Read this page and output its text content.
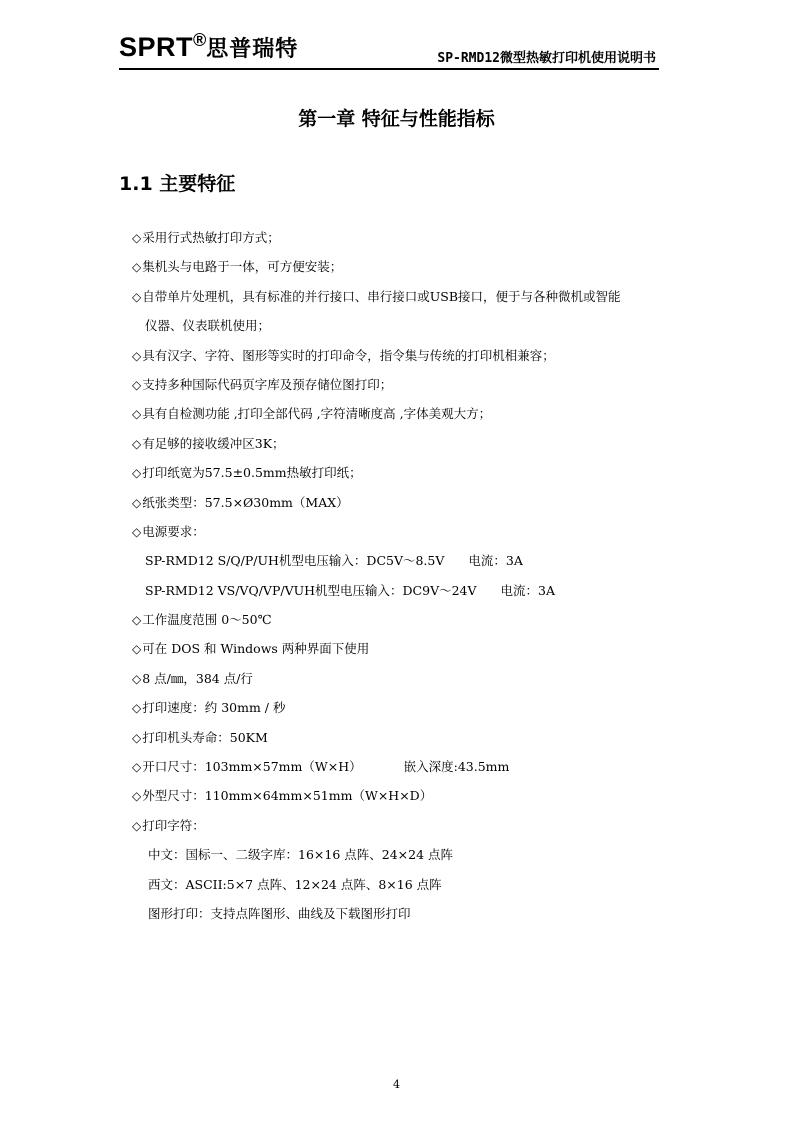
SPRT®思普瑞特	SP-RMD12微型热敏打印机使用说明书
第一章 特征与性能指标
1.1 主要特征
◇采用行式热敏打印方式；
◇集机头与电路于一体，可方便安装；
◇自带单片处理机，具有标准的并行接口、串行接口或USB接口，便于与各种微机或智能
仪器、仪表联机使用；
◇具有汉字、字符、图形等实时的打印命令，指令集与传统的打印机相兼容；
◇支持多种国际代码页字库及预存储位图打印；
◇具有自检测功能 ,打印全部代码 ,字符清晰度高 ,字体美观大方；
◇有足够的接收缓冲区3K；
◇打印纸宽为57.5±0.5mm热敏打印纸；
◇纸张类型：57.5×Ø30mm（MAX）
◇电源要求：
SP-RMD12 S/Q/P/UH机型电压输入：DC5V～8.5V 电流：3A
SP-RMD12 VS/VQ/VP/VUH机型电压输入：DC9V～24V 电流：3A
◇工作温度范围 0～50℃
◇可在 DOS 和 Windows 两种界面下使用
◇8 点/㎜，384 点/行
◇打印速度：约 30mm / 秒
◇打印机头寿命：50KM
◇开口尺寸：103mm×57mm（W×H）	嵌入深度:43.5mm
◇外型尺寸：110mm×64mm×51mm（W×H×D）
◇打印字符：
中文：国标一、二级字库：16×16 点阵、24×24 点阵
西文：ASCII:5×7 点阵、12×24 点阵、8×16 点阵
图形打印：支持点阵图形、曲线及下载图形打印
4
